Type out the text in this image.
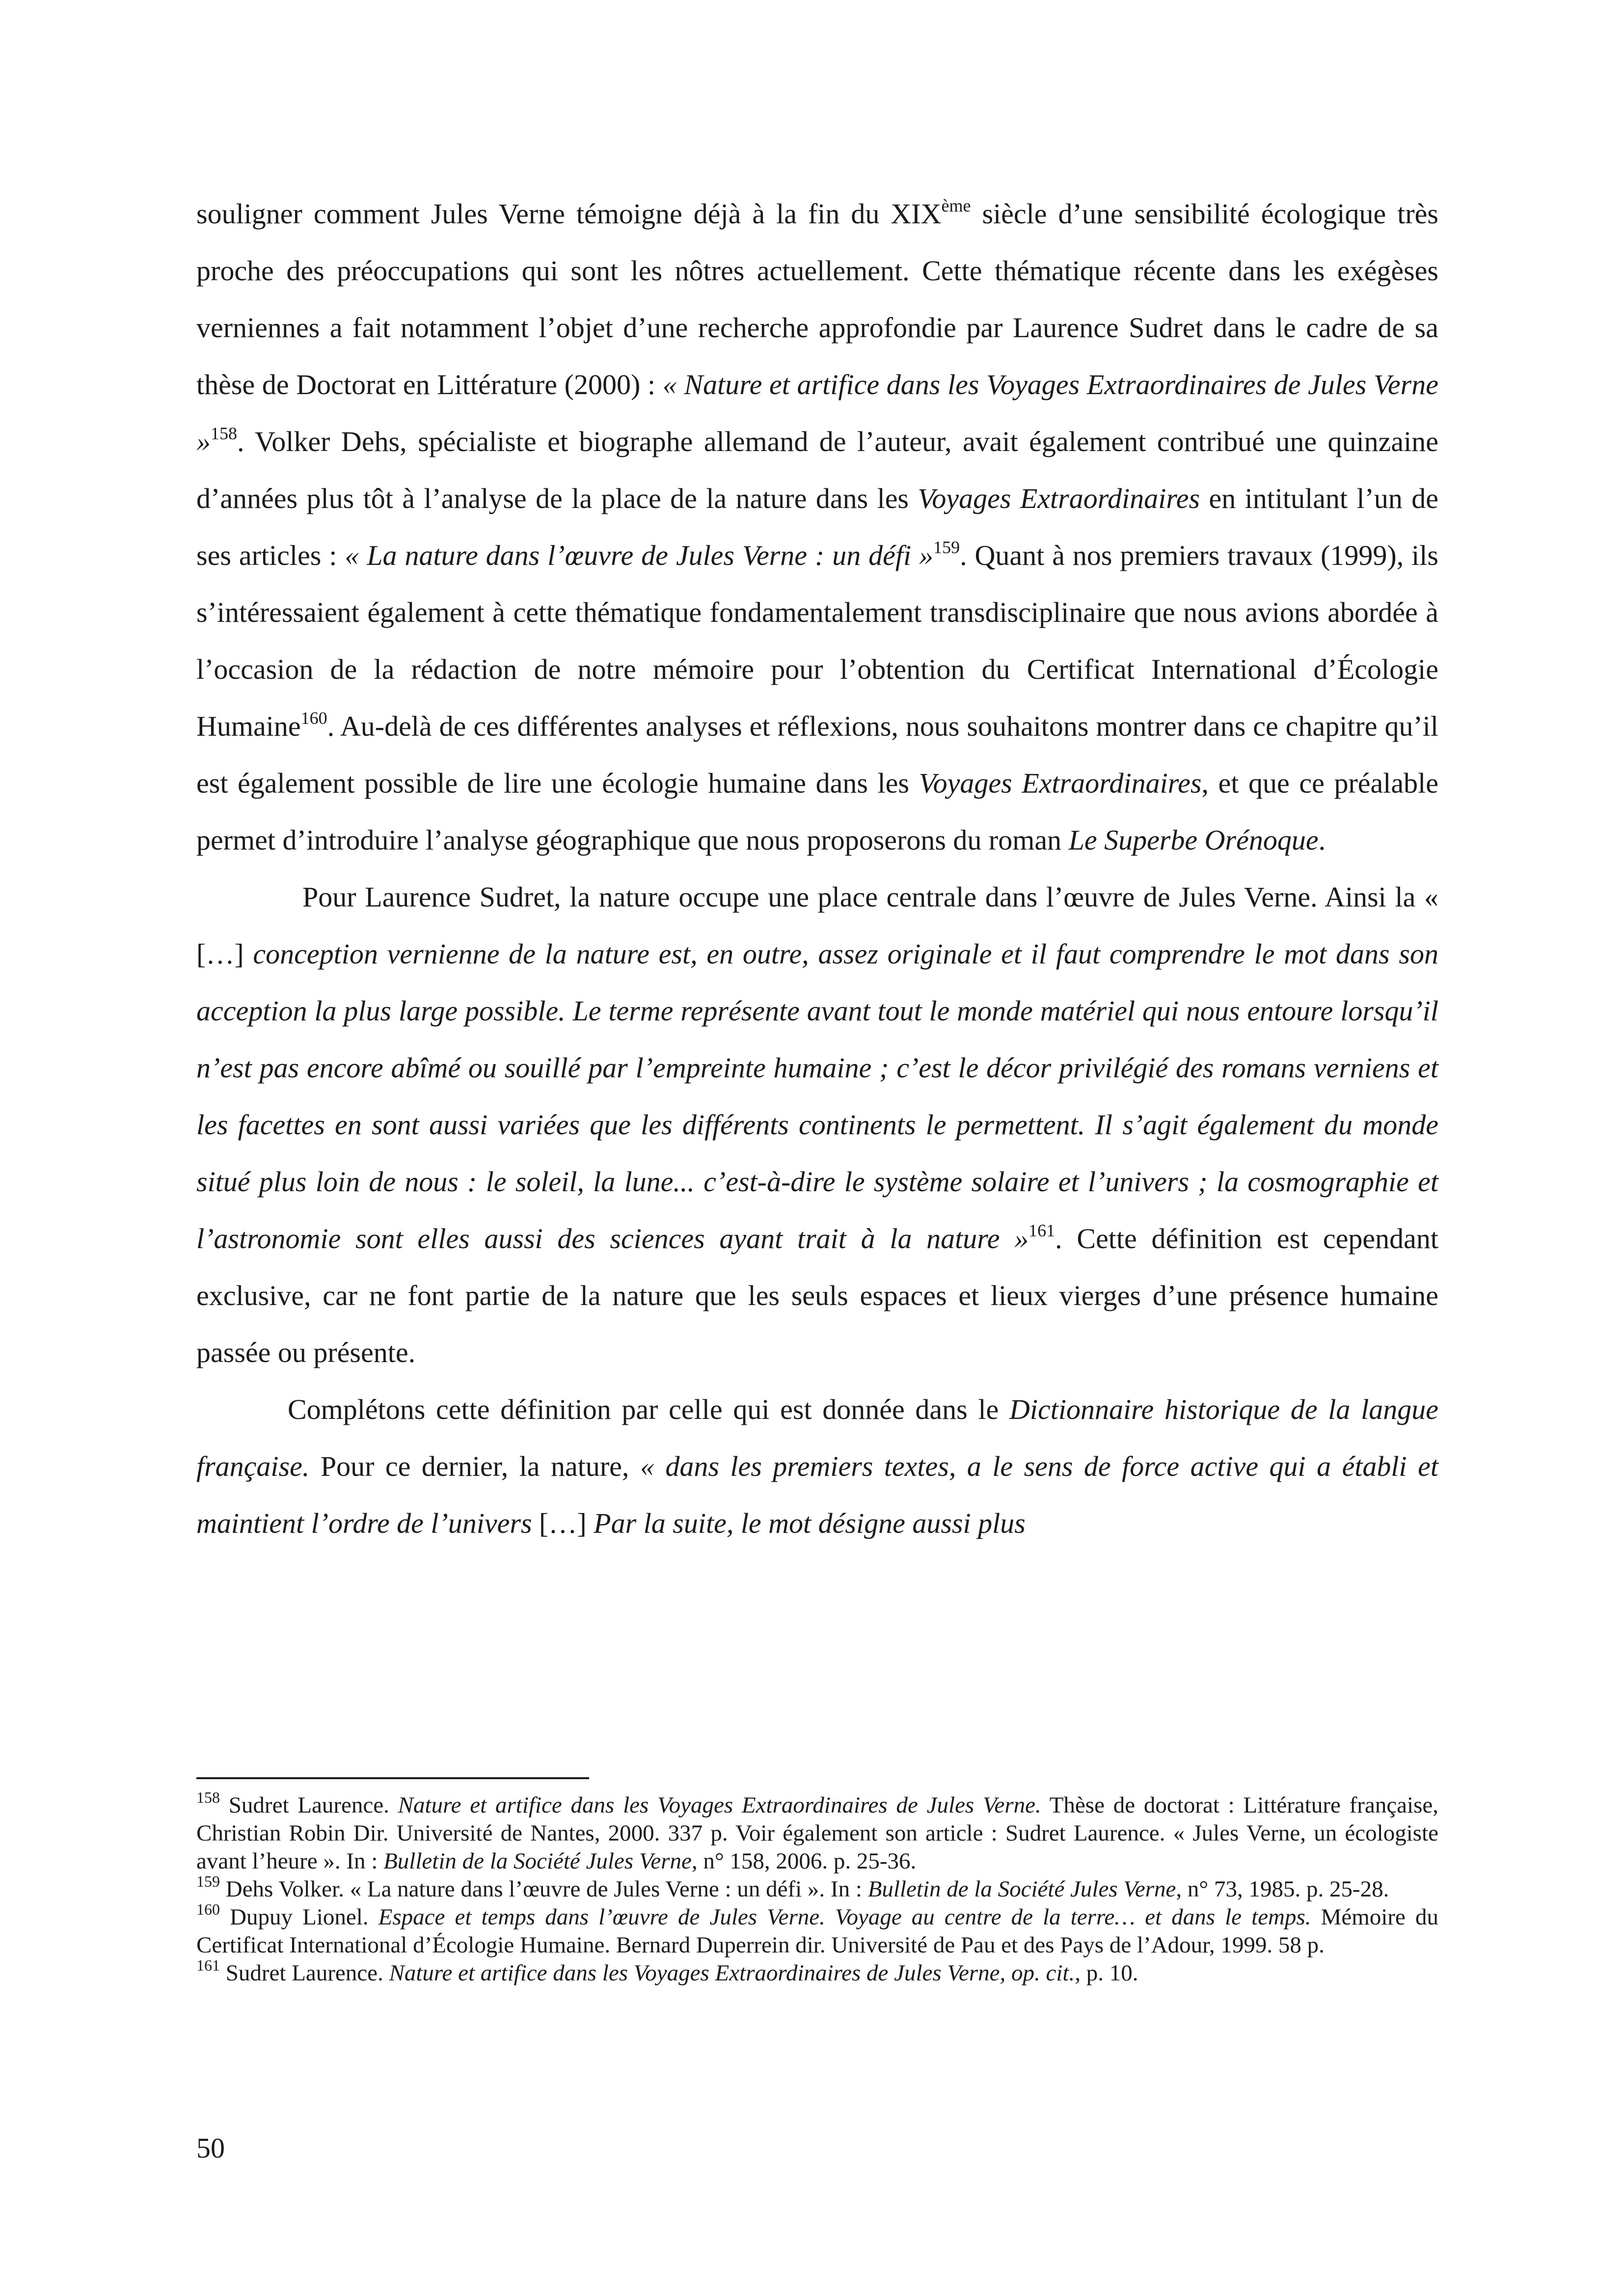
souligner comment Jules Verne témoigne déjà à la fin du XIXème siècle d’une sensibilité écologique très proche des préoccupations qui sont les nôtres actuellement. Cette thématique récente dans les exégèses verniennes a fait notamment l’objet d’une recherche approfondie par Laurence Sudret dans le cadre de sa thèse de Doctorat en Littérature (2000) : « Nature et artifice dans les Voyages Extraordinaires de Jules Verne »$^{158}$. Volker Dehs, spécialiste et biographe allemand de l’auteur, avait également contribué une quinzaine d’années plus tôt à l’analyse de la place de la nature dans les Voyages Extraordinaires en intitulant l’un de ses articles : « La nature dans l’œuvre de Jules Verne : un défi »$^{159}$. Quant à nos premiers travaux (1999), ils s’intéressaient également à cette thématique fondamentalement transdisciplinaire que nous avions abordée à l’occasion de la rédaction de notre mémoire pour l’obtention du Certificat International d’Écologie Humaine$^{160}$. Au-delà de ces différentes analyses et réflexions, nous souhaitons montrer dans ce chapitre qu’il est également possible de lire une écologie humaine dans les Voyages Extraordinaires, et que ce préalable permet d’introduire l’analyse géographique que nous proposerons du roman Le Superbe Orénoque.

Pour Laurence Sudret, la nature occupe une place centrale dans l’œuvre de Jules Verne. Ainsi la « […] conception vernienne de la nature est, en outre, assez originale et il faut comprendre le mot dans son acception la plus large possible. Le terme représente avant tout le monde matériel qui nous entoure lorsqu’il n’est pas encore abîmé ou souillé par l’empreinte humaine ; c’est le décor privilégié des romans verniens et les facettes en sont aussi variées que les différents continents le permettent. Il s’agit également du monde situé plus loin de nous : le soleil, la lune... c’est-à-dire le système solaire et l’univers ; la cosmographie et l’astronomie sont elles aussi des sciences ayant trait à la nature »$^{161}$. Cette définition est cependant exclusive, car ne font partie de la nature que les seuls espaces et lieux vierges d’une présence humaine passée ou présente.

Complétons cette définition par celle qui est donnée dans le Dictionnaire historique de la langue française. Pour ce dernier, la nature, « dans les premiers textes, a le sens de force active qui a établi et maintient l’ordre de l’univers […] Par la suite, le mot désigne aussi plus

$^{158}$ Sudret Laurence. Nature et artifice dans les Voyages Extraordinaires de Jules Verne. Thèse de doctorat : Littérature française, Christian Robin Dir. Université de Nantes, 2000. 337 p. Voir également son article : Sudret Laurence. « Jules Verne, un écologiste avant l’heure ». In : Bulletin de la Société Jules Verne, n° 158, 2006. p. 25-36.

$^{159}$ Dehs Volker. « La nature dans l’œuvre de Jules Verne : un défi ». In : Bulletin de la Société Jules Verne, n° 73, 1985. p. 25-28.

$^{160}$ Dupuy Lionel. Espace et temps dans l’œuvre de Jules Verne. Voyage au centre de la terre… et dans le temps. Mémoire du Certificat International d’Écologie Humaine. Bernard Duperrein dir. Université de Pau et des Pays de l’Adour, 1999. 58 p.

$^{161}$ Sudret Laurence. Nature et artifice dans les Voyages Extraordinaires de Jules Verne, op. cit., p. 10.

50
